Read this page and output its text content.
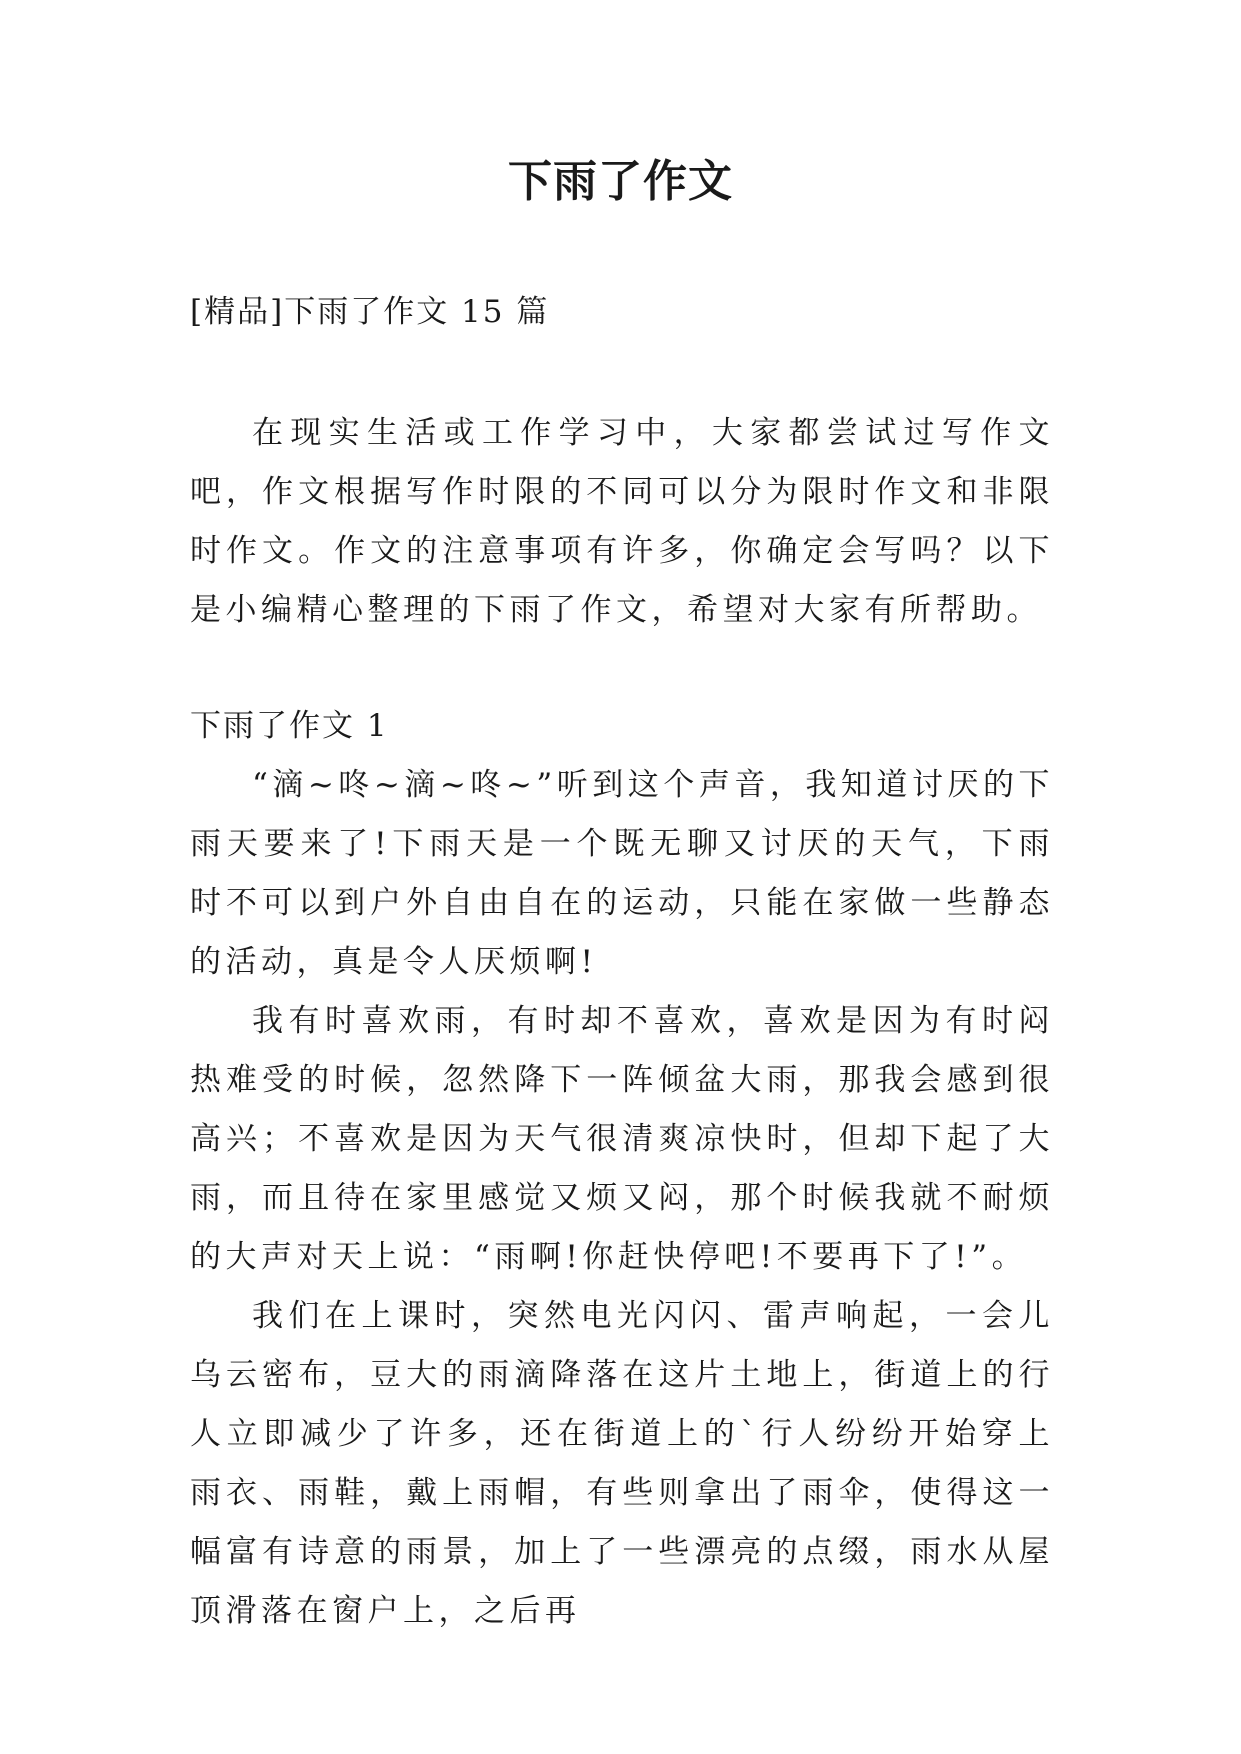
下雨了作文

[精品]下雨了作文 15 篇

在现实生活或工作学习中，大家都尝试过写作文吧，作文根据写作时限的不同可以分为限时作文和非限时作文。作文的注意事项有许多，你确定会写吗？以下是小编精心整理的下雨了作文，希望对大家有所帮助。

下雨了作文 1

“滴~咚~滴~咚~”听到这个声音，我知道讨厌的下雨天要来了!下雨天是一个既无聊又讨厌的天气，下雨时不可以到户外自由自在的运动，只能在家做一些静态的活动，真是令人厌烦啊!

我有时喜欢雨，有时却不喜欢，喜欢是因为有时闷热难受的时候，忽然降下一阵倾盆大雨，那我会感到很高兴；不喜欢是因为天气很清爽凉快时，但却下起了大雨，而且待在家里感觉又烦又闷，那个时候我就不耐烦的大声对天上说：“雨啊!你赶快停吧!不要再下了!”。

我们在上课时，突然电光闪闪、雷声响起，一会儿乌云密布，豆大的雨滴降落在这片土地上，街道上的行人立即减少了许多，还在街道上的`行人纷纷开始穿上雨衣、雨鞋，戴上雨帽，有些则拿出了雨伞，使得这一幅富有诗意的雨景，加上了一些漂亮的点缀，雨水从屋顶滑落在窗户上，之后再
